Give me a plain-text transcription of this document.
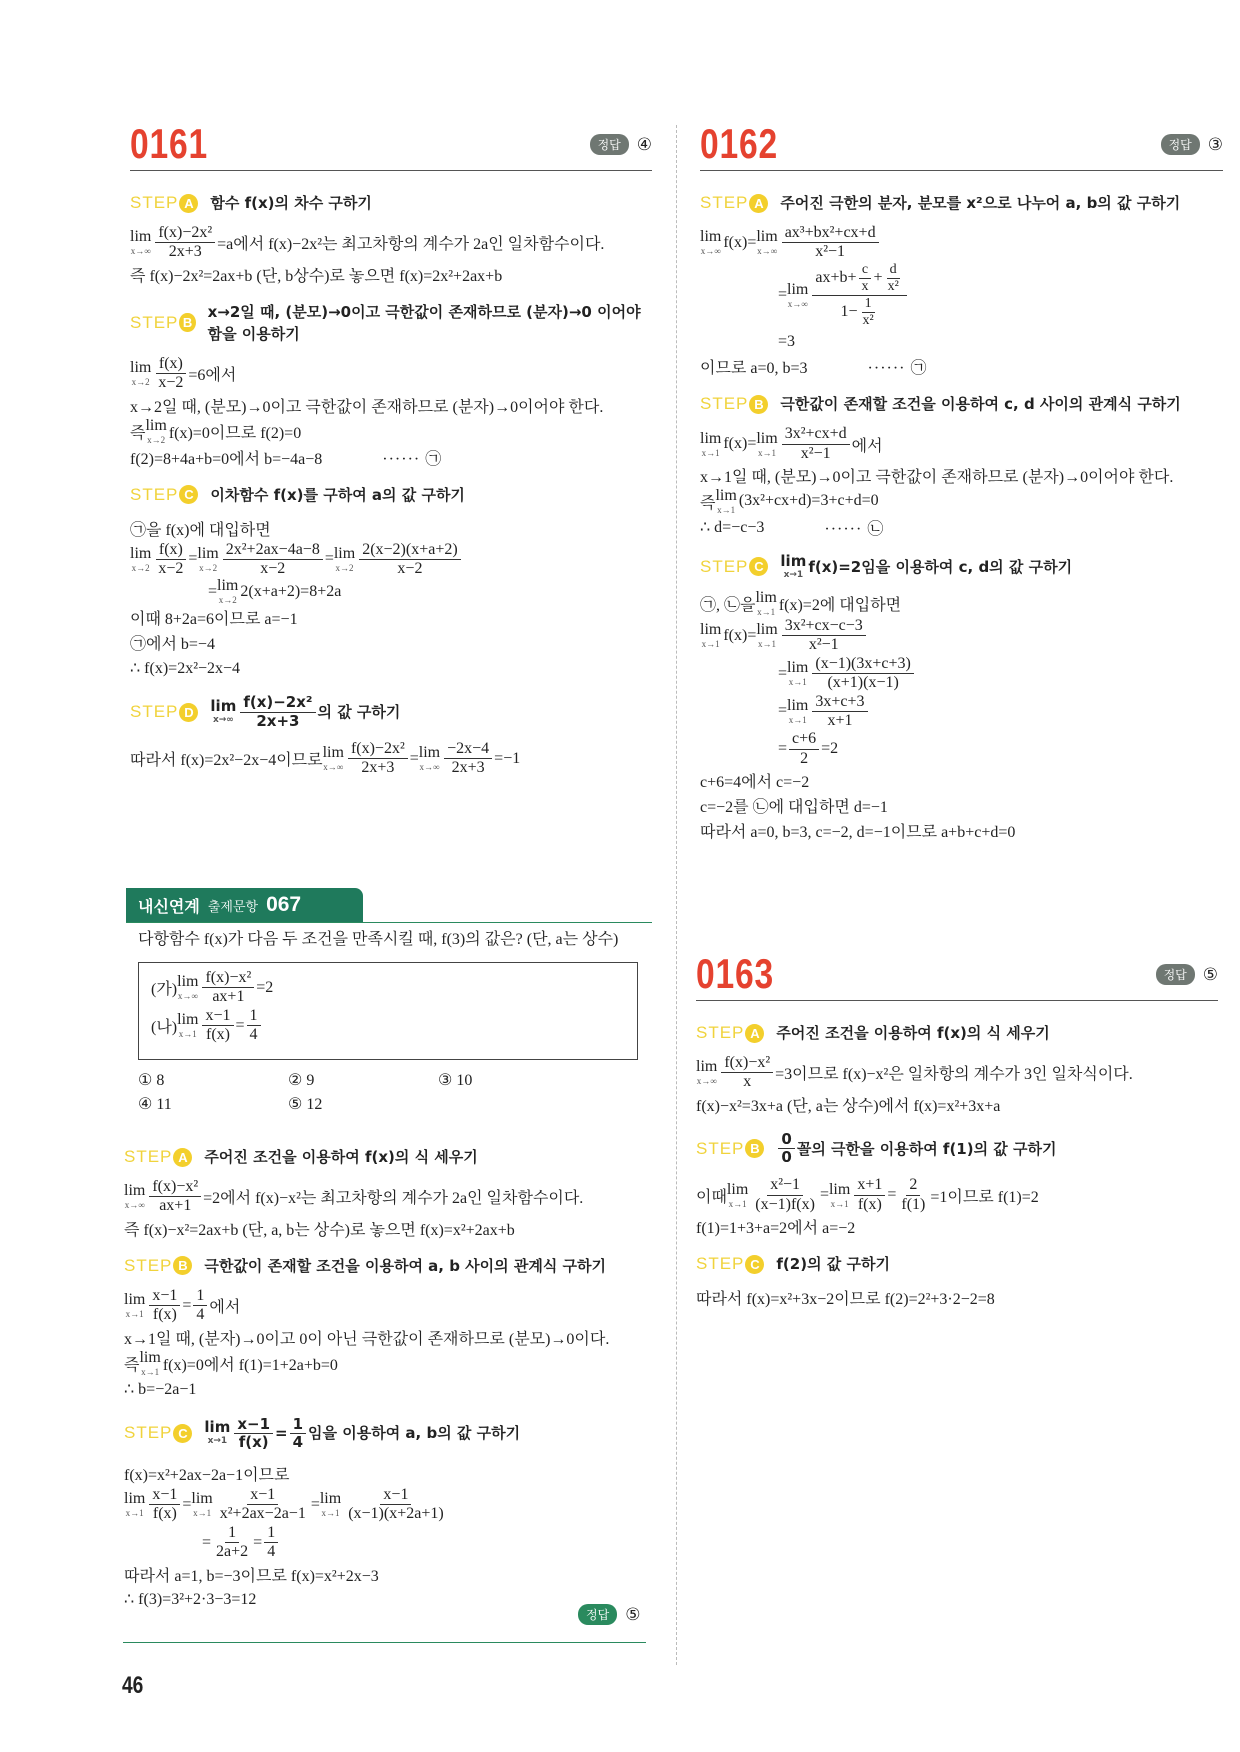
0161	정답 ④
STEP A	함수 f(x)의 차수 구하기
lim
$x\to\infty \frac{\text{f(x)−2x²}}{2x+3} =a$에서 f(x)−2x²는 최고차항의 계수가 2a인 일차함수이다.
즉 f(x)−2x²=2ax+b (단, b상수)로 놓으면 f(x)=2x²+2ax+b
STEP B
x→2일 때, (분모)→0이고 극한값이 존재하므로 (분자)→0 이어야 함을 이용하기
lim
$x\to 2 \frac{f(x)}{x-2} =6$에서
x→2일 때, (분모)→0이고 극한값이 존재하므로 (분자)→0이어야 한다.
즉 lim
x→2 f(x)=0이므로 f(2)=0
f(2)=8+4a+b=0에서 b=−4a−8	······ ㉠
STEP C	이차함수 f(x)를 구하여 a의 값 구하기
㉠을 f(x)에 대입하면
lim
$x\to 2 \frac{f(x)}{x-2} = \lim$
$x\to 2 \frac{\text{2x²+2ax−4a−8}}{x-2} = \lim$
$x\to 2 \frac{2(x-2)(x+a+2)}{x-2}$
= lim
x→2
2(x+a+2)=8+2a
이때 8+2a=6이므로 a=−1
㉠에서 b=−4
∴ f(x)=2x²−2x−4
STEP D	lim
$x\to\infty \frac{\text{f(x)−2x²}}{2x+3}$ 의 값 구하기
따라서 f(x)=2x²−2x−4이므로 lim
$x\to\infty \frac{\text{f(x)−2x²}}{2x+3} = \lim$
$x\to\infty \frac{-2x-4}{2x+3} =-1$
내신연계 출제문항 067
다항함수 f(x)가 다음 두 조건을 만족시킬 때, f(3)의 값은? (단, a는 상수)
(가) lim
$x\to\infty \frac{\text{f(x)−x²}}{ax+1} =2$
(나) lim
$x\to 1 \frac{x-1}{f(x)} = \frac{1}{4}$
① 8	② 9	③ 10
④ 11	⑤ 12
STEP A	주어진 조건을 이용하여 f(x)의 식 세우기
lim
$x\to\infty \frac{\text{f(x)−x²}}{ax+1} =2$에서 f(x)−x²는 최고차항의 계수가 2a인 일차함수이다.
즉 f(x)−x²=2ax+b (단, a, b는 상수)로 놓으면 f(x)=x²+2ax+b
STEP B	극한값이 존재할 조건을 이용하여 a, b 사이의 관계식 구하기
lim
$x\to 1 \frac{x-1}{f(x)} = \frac{1}{4}$ 에서
x→1일 때, (분자)→0이고 0이 아닌 극한값이 존재하므로 (분모)→0이다.
즉 lim
x→1 f(x)=0에서 f(1)=1+2a+b=0
∴ b=−2a−1
STEP C	lim
$x\to 1 \frac{x-1}{f(x)} = \frac{1}{4}$ 임을 이용하여 a, b의 값 구하기
f(x)=x²+2ax−2a−1이므로
lim
$x\to 1 \frac{x-1}{f(x)} = \lim$
$x\to 1 \frac{x-1}{\text{x²+2ax−2a−1}} = \lim$
$x\to 1 \frac{x-1}{(x-1)(x+2a+1)}$
= $\frac{1}{2a+2} = \frac{1}{4}$
따라서 a=1, b=−3이므로 f(x)=x²+2x−3
∴ f(3)=3²+2·3−3=12
정답 ⑤
46
0162	정답 ③
STEP A	주어진 극한의 분자, 분모를 x²으로 나누어 a, b의 값 구하기
lim
x→∞
f(x)= lim
$x\to\infty \frac{\text{ax³+bx²+cx+d}}{\text{x²−1}}$
= lim
$x\to\infty \frac{ax+b+ \frac{c}{x} + \frac{d}{\text{x²}}}{1- \frac{1}{\text{x²}}}$
=3
이므로 a=0, b=3	······ ㉠
STEP B	극한값이 존재할 조건을 이용하여 c, d 사이의 관계식 구하기
lim
x→1
f(x)= lim
$x\to 1 \frac{\text{3x²+cx+d}}{\text{x²−1}}$ 에서
x→1일 때, (분모)→0이고 극한값이 존재하므로 (분자)→0이어야 한다.
즉 lim
x→1
(3x²+cx+d)=3+c+d=0
∴ d=−c−3	······ ㉡
STEP C	lim
x→1 f(x)=2임을 이용하여 c, d의 값 구하기
㉠, ㉡을 lim
x→1 f(x)=2에 대입하면
lim
x→1
f(x)= lim
$x\to 1 \frac{\text{3x²+cx−c−3}}{\text{x²−1}}$
= lim
$x\to 1 \frac{(x-1)(3x+c+3)}{(x+1)(x-1)}$
= lim
$x\to 1 \frac{3x+c+3}{x+1}$
= $\frac{c+6}{2} =2$
c+6=4에서 c=−2
c=−2를 ㉡에 대입하면 d=−1
따라서 a=0, b=3, c=−2, d=−1이므로 a+b+c+d=0
0163	정답 ⑤
STEP A	주어진 조건을 이용하여 f(x)의 식 세우기
lim
$x\to\infty \frac{\text{f(x)−x²}}{x} =3$이므로 f(x)−x²은 일차항의 계수가 3인 일차식이다.
f(x)−x²=3x+a (단, a는 상수)에서 f(x)=x²+3x+a
STEP B	$\frac{0}{0}$ 꼴의 극한을 이용하여 f(1)의 값 구하기
이때 lim
$x\to 1 \frac{\text{x²−1}}{(x-1)f(x)} = \lim$
$x\to 1 \frac{x+1}{f(x)} = \frac{2}{f(1)} =1$이므로 f(1)=2
f(1)=1+3+a=2에서 a=−2
STEP C	f(2)의 값 구하기
따라서 f(x)=x²+3x−2이므로 f(2)=2²+3·2−2=8
